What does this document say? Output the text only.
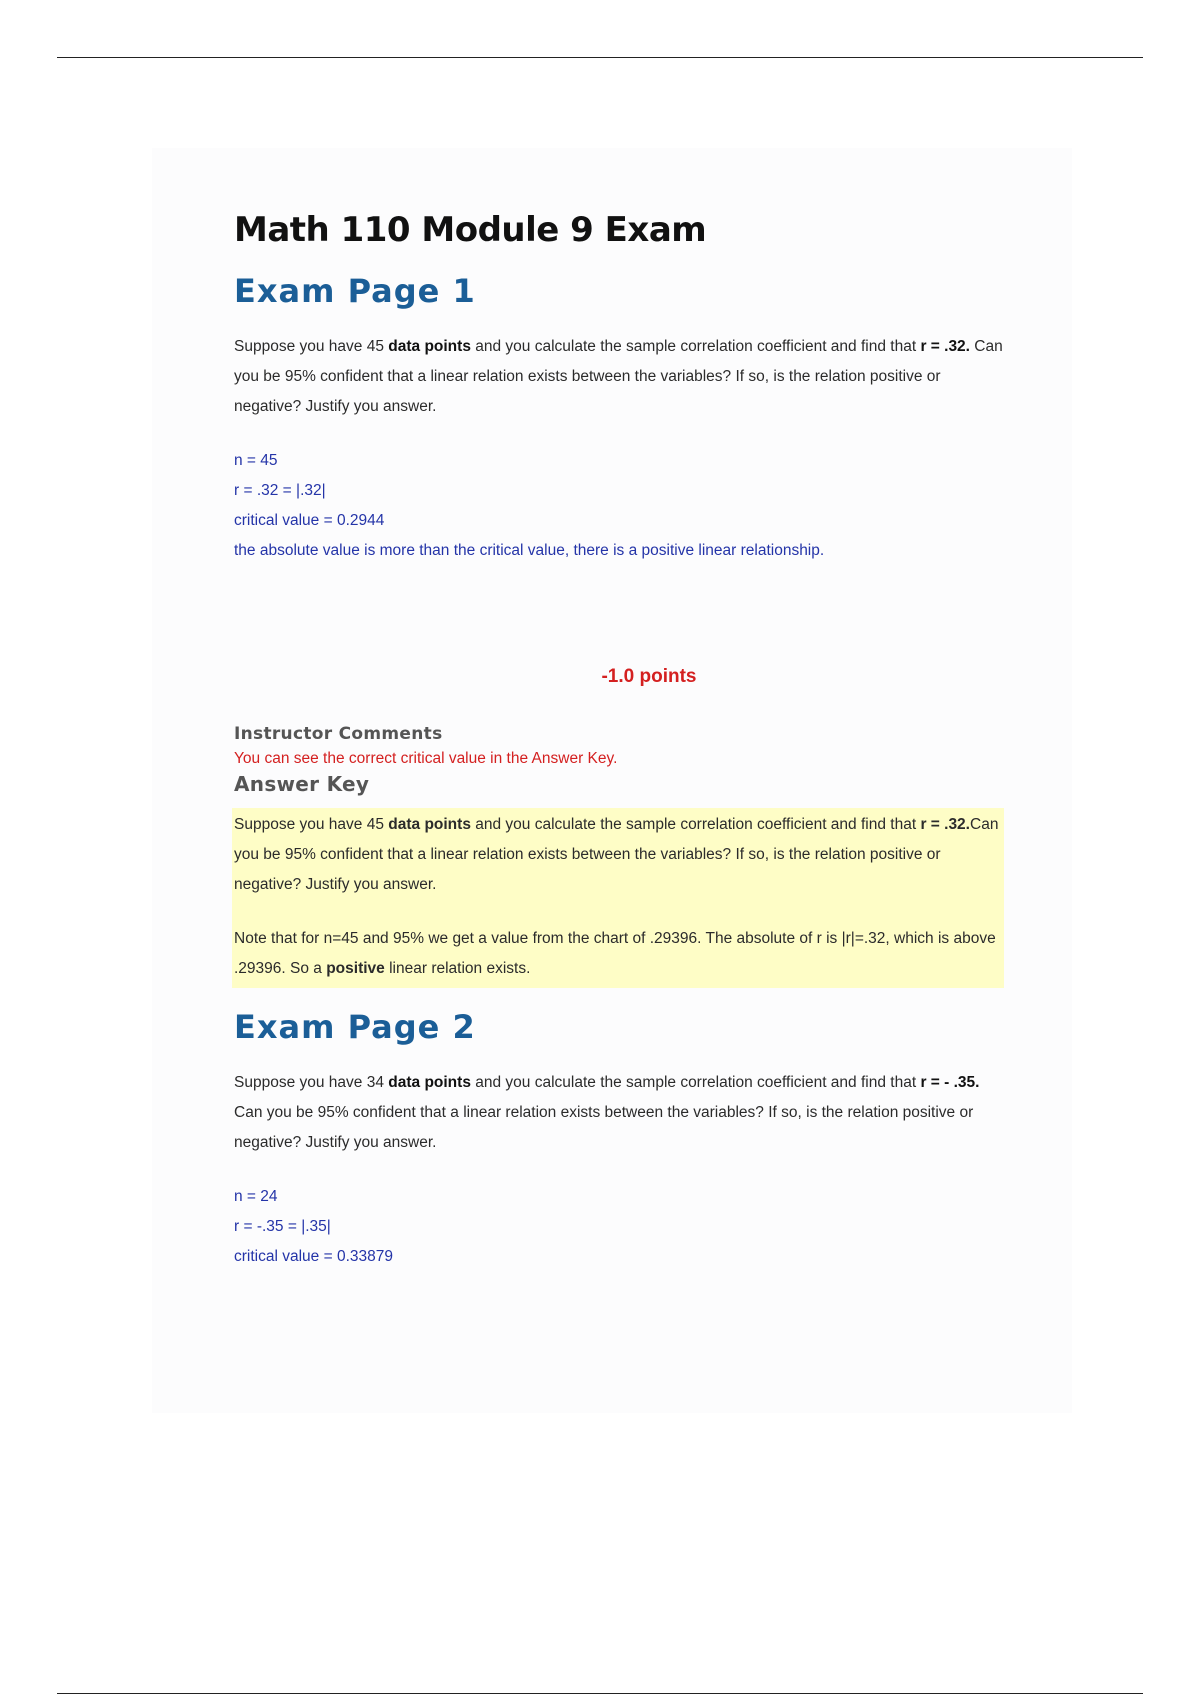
Math 110 Module 9 Exam
Exam Page 1

Suppose you have 45 data points and you calculate the sample correlation coefficient and find that r = .32. Can you be 95% confident that a linear relation exists between the variables? If so, is the relation positive or negative? Justify you answer.

n = 45

r = .32 = |.32|

critical value = 0.2944

the absolute value is more than the critical value, there is a positive linear relationship.

-1.0 points

Instructor Comments

You can see the correct critical value in the Answer Key.

Answer Key

Suppose you have 45 data points and you calculate the sample correlation coefficient and find that r = .32.Can you be 95% confident that a linear relation exists between the variables? If so, is the relation positive or negative? Justify you answer.

Note that for n=45 and 95% we get a value from the chart of .29396. The absolute of r is |r|=.32, which is above .29396. So a positive linear relation exists.

Exam Page 2

Suppose you have 34 data points and you calculate the sample correlation coefficient and find that r = - .35. Can you be 95% confident that a linear relation exists between the variables? If so, is the relation positive or negative? Justify you answer.

n = 24

r = -.35 = |.35|

critical value = 0.33879
